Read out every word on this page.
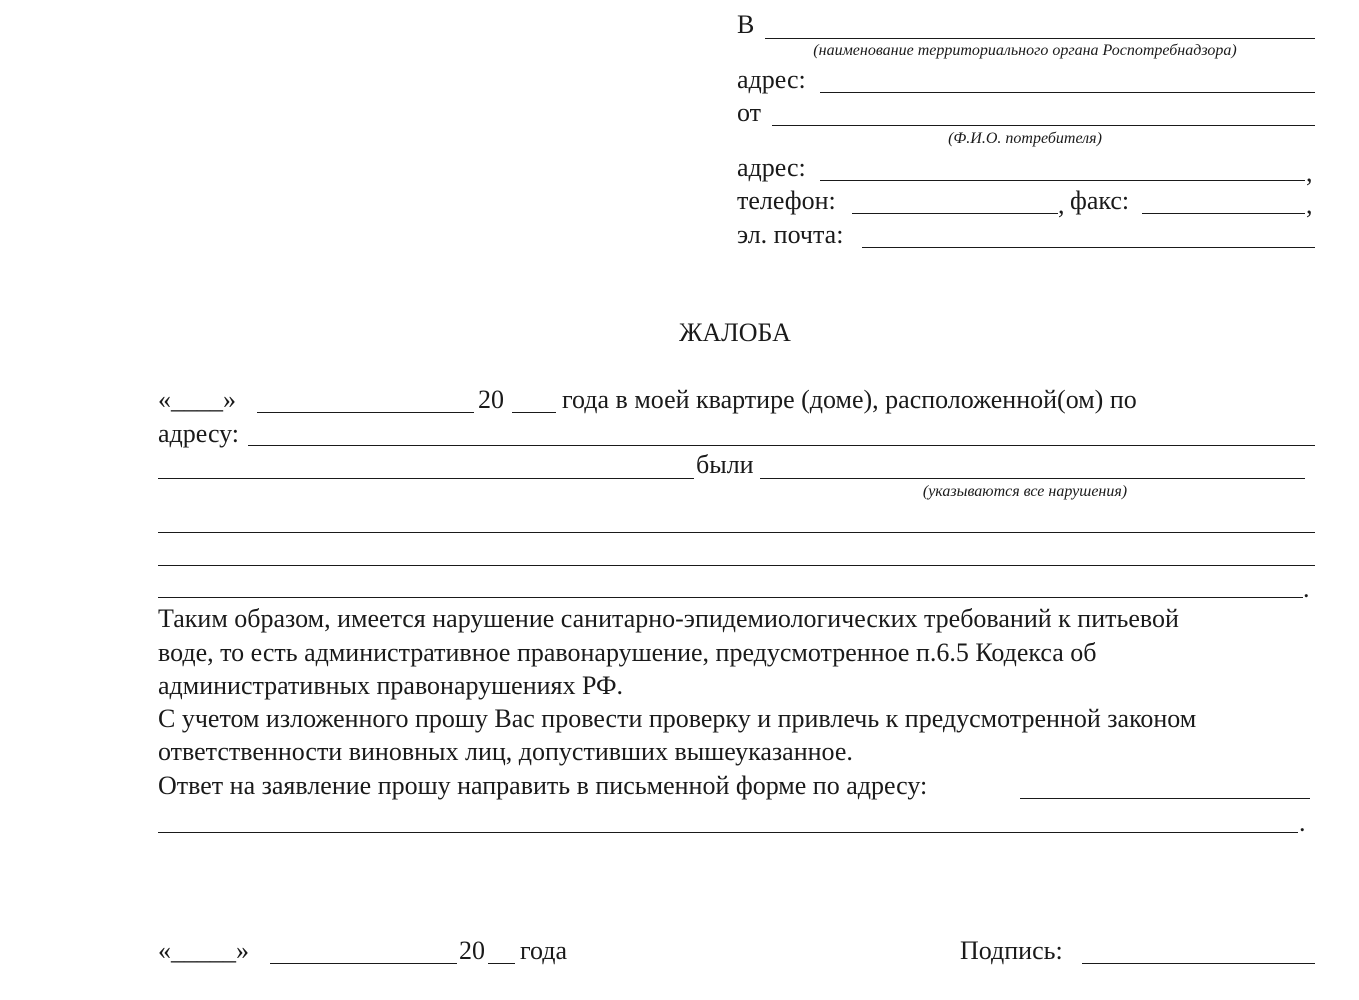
В
(наименование территориального органа Роспотребнадзора)
адрес:
от
(Ф.И.О. потребителя)
адрес:	,
телефон:	, факс:	,
эл. почта:
ЖАЛОБА
«____»	20 года в моей квартире (доме), расположенной(ом) по
адресу:
были
(указываются все нарушения)
.
Таким образом, имеется нарушение санитарно-эпидемиологических требований к питьевой
воде, то есть административное правонарушение, предусмотренное п.6.5 Кодекса об
административных правонарушениях РФ.
С учетом изложенного прошу Вас провести проверку и привлечь к предусмотренной законом
ответственности виновных лиц, допустивших вышеуказанное.
Ответ на заявление прошу направить в письменной форме по адресу:
.
«_____»	20 года	Подпись:
